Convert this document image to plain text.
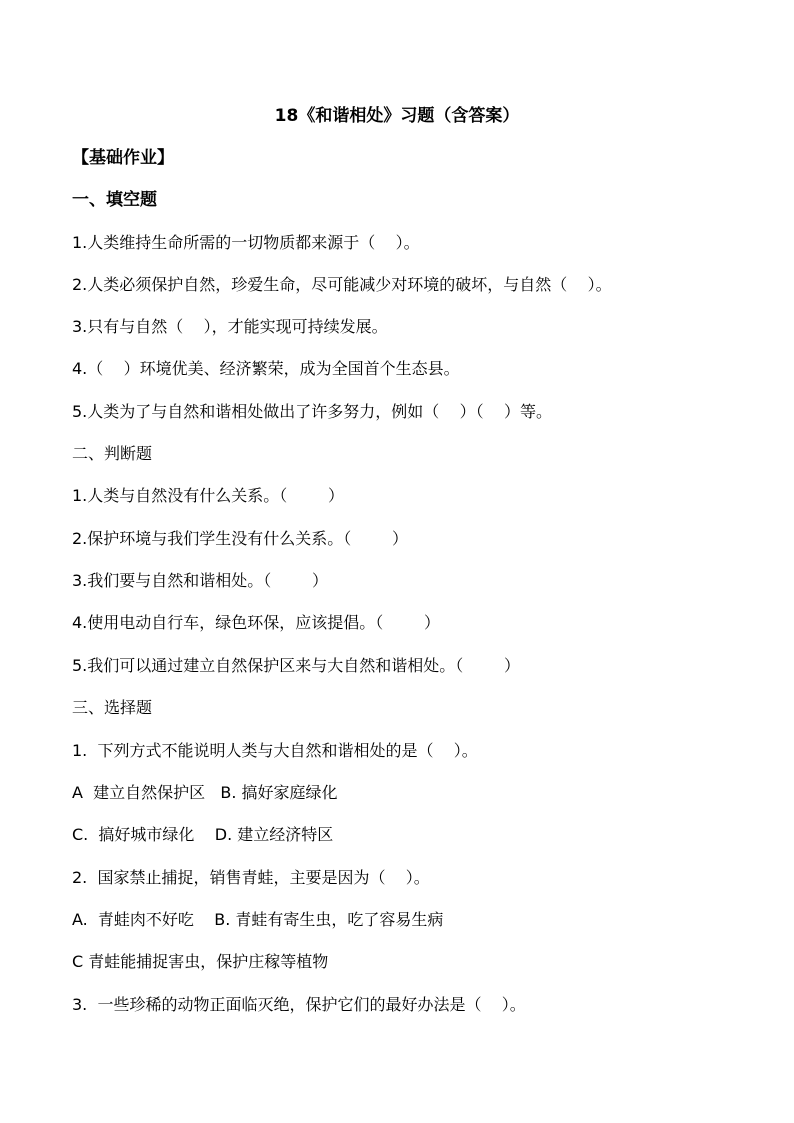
18《和谐相处》习题（含答案）
【基础作业】
一、填空题
1.人类维持生命所需的一切物质都来源于（    ）。
2.人类必须保护自然，珍爱生命，尽可能减少对环境的破坏，与自然（    ）。
3.只有与自然（    ），才能实现可持续发展。
4.（    ）环境优美、经济繁荣，成为全国首个生态县。
5.人类为了与自然和谐相处做出了许多努力，例如（    ）（    ）等。
二、判断题
1.人类与自然没有什么关系。（        ）
2.保护环境与我们学生没有什么关系。（        ）
3.我们要与自然和谐相处。（        ）
4.使用电动自行车，绿色环保，应该提倡。（        ）
5.我们可以通过建立自然保护区来与大自然和谐相处。（        ）
三、选择题
1.  下列方式不能说明人类与大自然和谐相处的是（    ）。
A  建立自然保护区   B. 搞好家庭绿化
C.  搞好城市绿化    D. 建立经济特区
2.  国家禁止捕捉，销售青蛙，主要是因为（    ）。
A.  青蛙肉不好吃    B. 青蛙有寄生虫，吃了容易生病
C 青蛙能捕捉害虫，保护庄稼等植物
3.  一些珍稀的动物正面临灭绝，保护它们的最好办法是（    ）。
